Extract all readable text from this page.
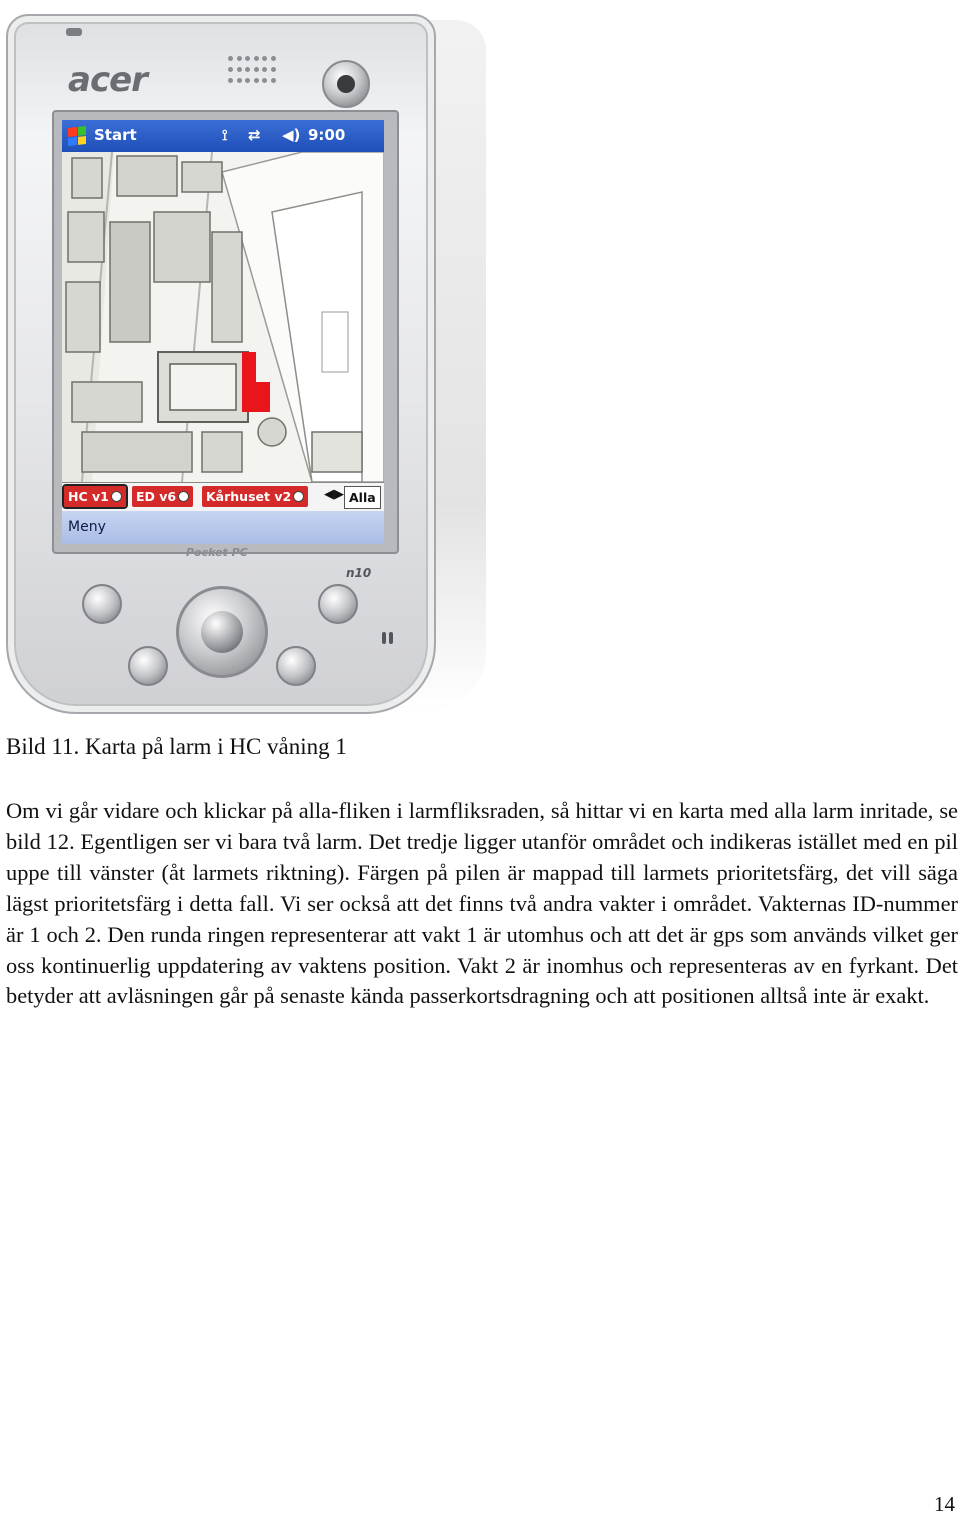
acer
Start	⟟ ⇄ ◀) 9:00
HC v1	ED v6	Kårhuset v2	◀▶ Alla
Meny
Pocket PC
n10
Bild 11. Karta på larm i HC våning 1

Om vi går vidare och klickar på alla-fliken i larmfliksraden, så hittar vi en karta med alla larm inritade, se bild 12. Egentligen ser vi bara två larm. Det tredje ligger utanför området och indikeras istället med en pil uppe till vänster (åt larmets riktning). Färgen på pilen är mappad till larmets prioritetsfärg, det vill säga lägst prioritetsfärg i detta fall. Vi ser också att det finns två andra vakter i området. Vakternas ID-nummer är 1 och 2. Den runda ringen representerar att vakt 1 är utomhus och att det är gps som används vilket ger oss kontinuerlig uppdatering av vaktens position. Vakt 2 är inomhus och representeras av en fyrkant. Det betyder att avläsningen går på senaste kända passerkortsdragning och att positionen alltså inte är exakt.

14
